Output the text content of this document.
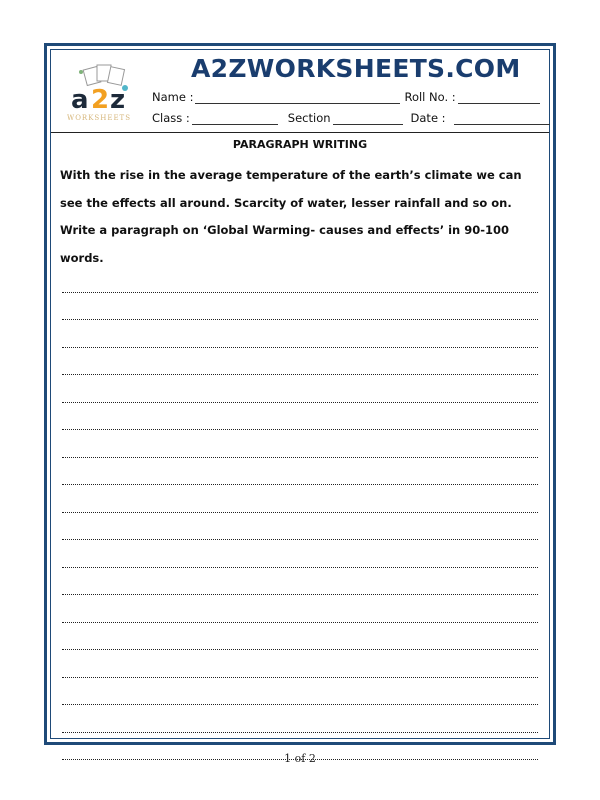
a 2 z
WORKSHEETS
A2ZWORKSHEETS.COM
Name :	Roll No. :
Class :	Section	Date :
PARAGRAPH WRITING
With the rise in the average temperature of the earth’s climate we can see the effects all around. Scarcity of water, lesser rainfall and so on. Write a paragraph on ‘Global Warming- causes and effects’ in 90-100 words.
1 of 2
